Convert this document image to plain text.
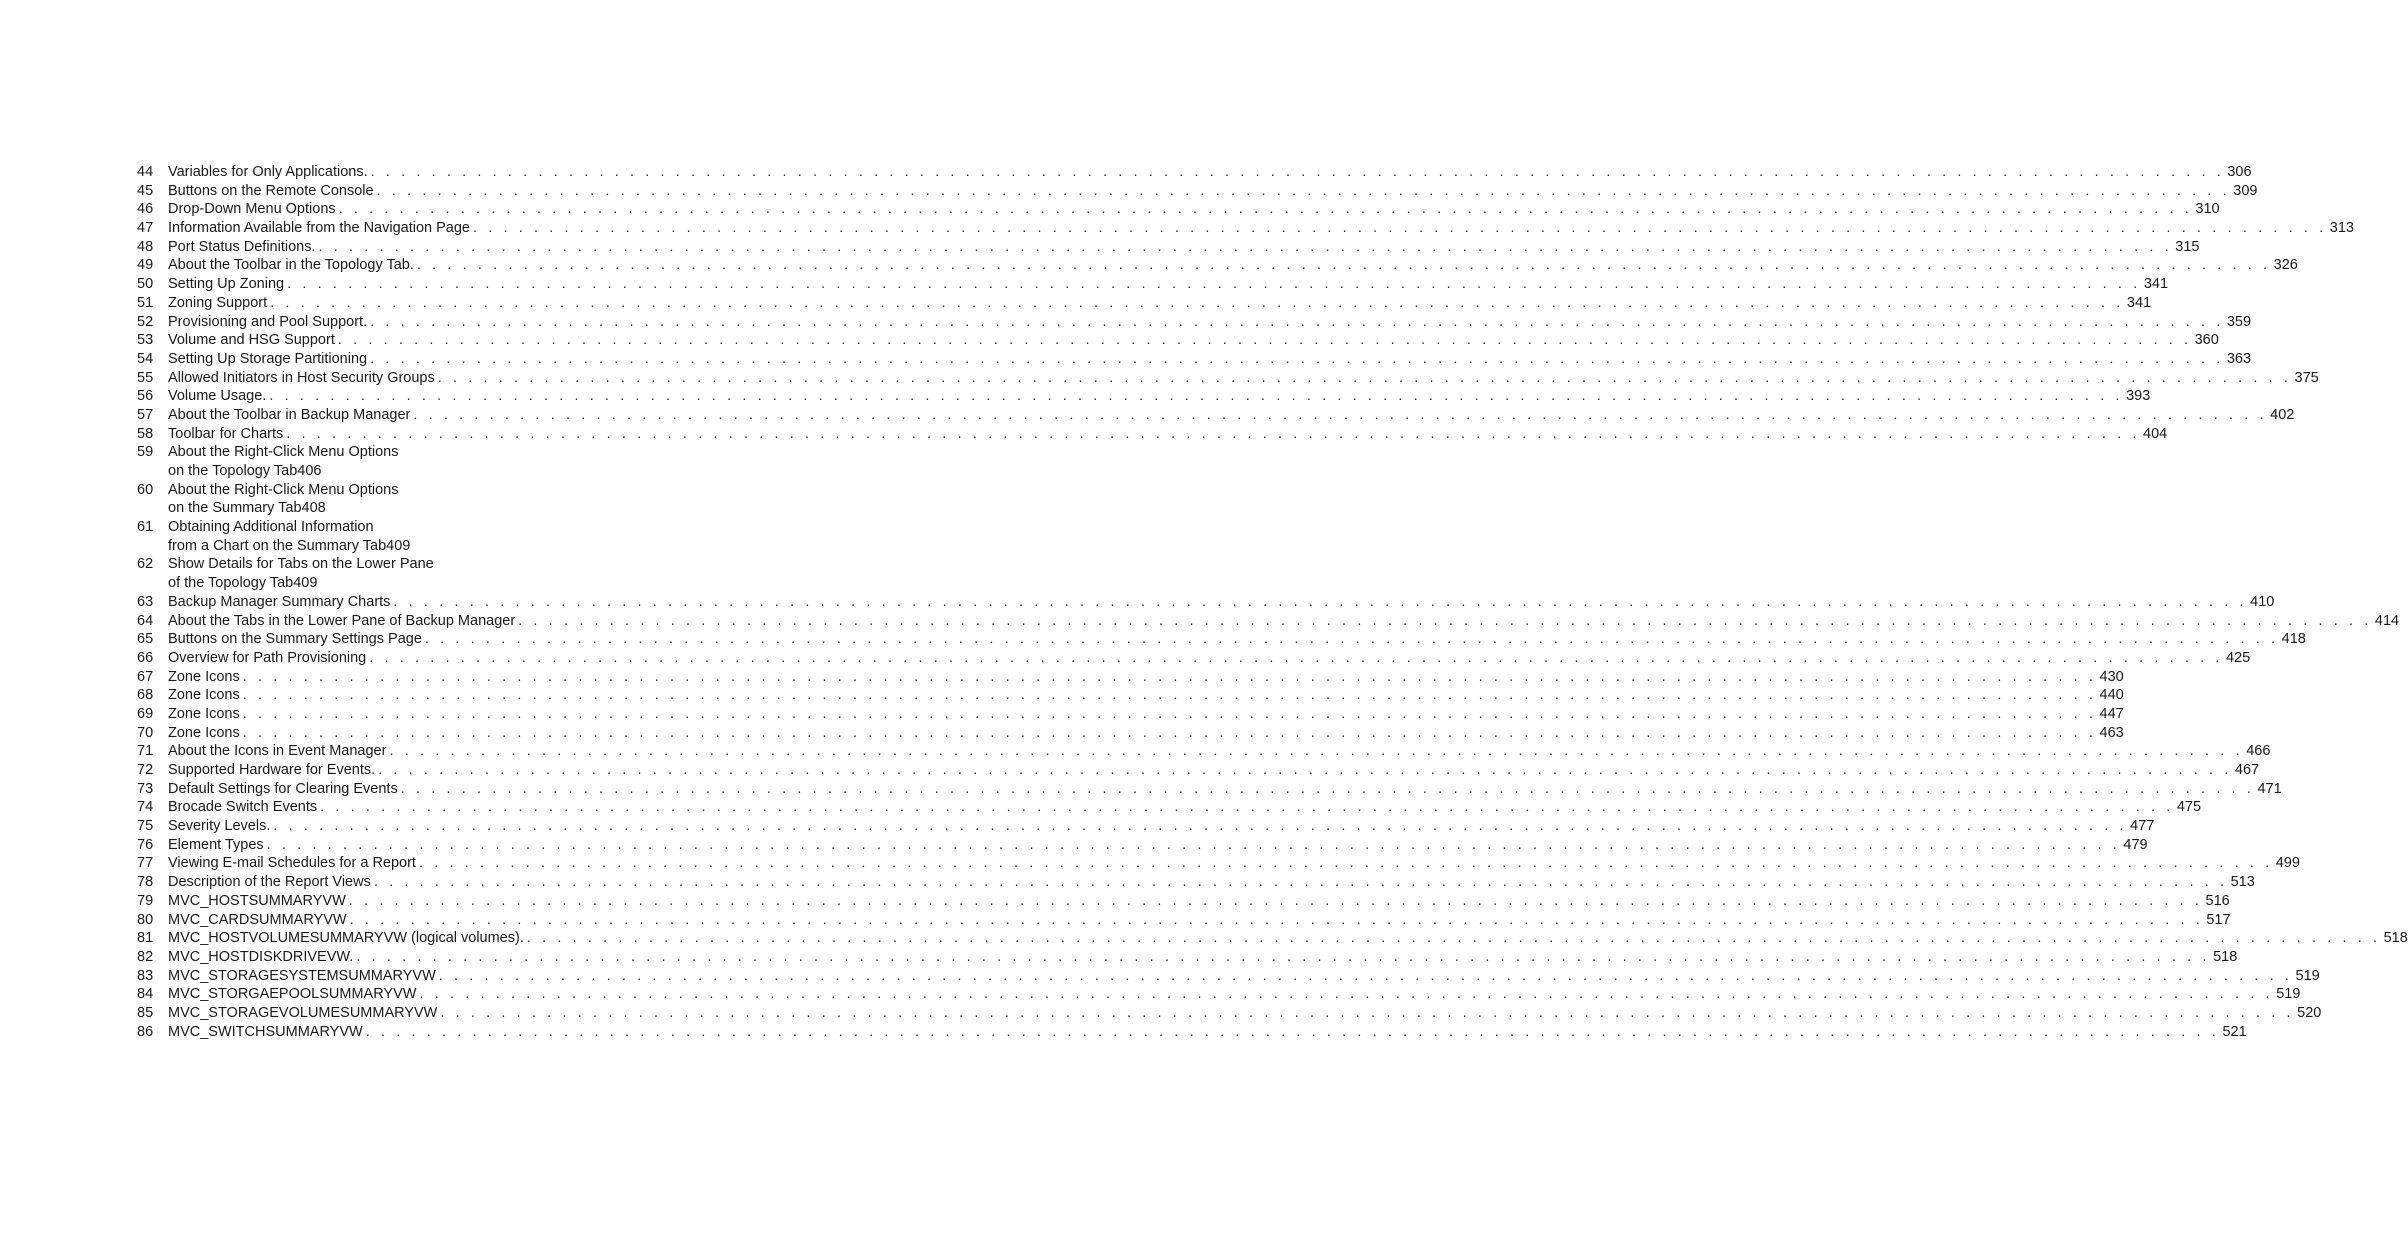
44	Variables for Only Applications. . . .	306
45	Buttons on the Remote Console . . .	309
46	Drop-Down Menu Options . . .	310
47	Information Available from the Navigation Page . . .	313
48	Port Status Definitions. . . .	315
49	About the Toolbar in the Topology Tab. . . .	326
50	Setting Up Zoning . . .	341
51	Zoning Support . . .	341
52	Provisioning and Pool Support. . . .	359
53	Volume and HSG Support . . .	360
54	Setting Up Storage Partitioning . . .	363
55	Allowed Initiators in Host Security Groups . . .	375
56	Volume Usage. . . .	393
57	About the Toolbar in Backup Manager . . .	402
58	Toolbar for Charts . . .	404
59	About the Right-Click Menu Options
on the Topology Tab406
60	About the Right-Click Menu Options
on the Summary Tab408
61	Obtaining Additional Information
from a Chart on the Summary Tab409
62	Show Details for Tabs on the Lower Pane
of the Topology Tab409
63	Backup Manager Summary Charts . . .	410
64	About the Tabs in the Lower Pane of Backup Manager . . .	414
65	Buttons on the Summary Settings Page . . .	418
66	Overview for Path Provisioning . . .	425
67	Zone Icons . . .	430
68	Zone Icons . . .	440
69	Zone Icons . . .	447
70	Zone Icons . . .	463
71	About the Icons in Event Manager . . .	466
72	Supported Hardware for Events. . . .	467
73	Default Settings for Clearing Events . . .	471
74	Brocade Switch Events . . .	475
75	Severity Levels. . . .	477
76	Element Types . . .	479
77	Viewing E-mail Schedules for a Report . . .	499
78	Description of the Report Views . . .	513
79	MVC_HOSTSUMMARYVW . . .	516
80	MVC_CARDSUMMARYVW . . .	517
81	MVC_HOSTVOLUMESUMMARYVW (logical volumes). . . .	518
82	MVC_HOSTDISKDRIVEVW. . . .	518
83	MVC_STORAGESYSTEMSUMMARYVW . . .	519
84	MVC_STORGAEPOOLSUMMARYVW . . .	519
85	MVC_STORAGEVOLUMESUMMARYVW . . .	520
86	MVC_SWITCHSUMMARYVW . . .	521
